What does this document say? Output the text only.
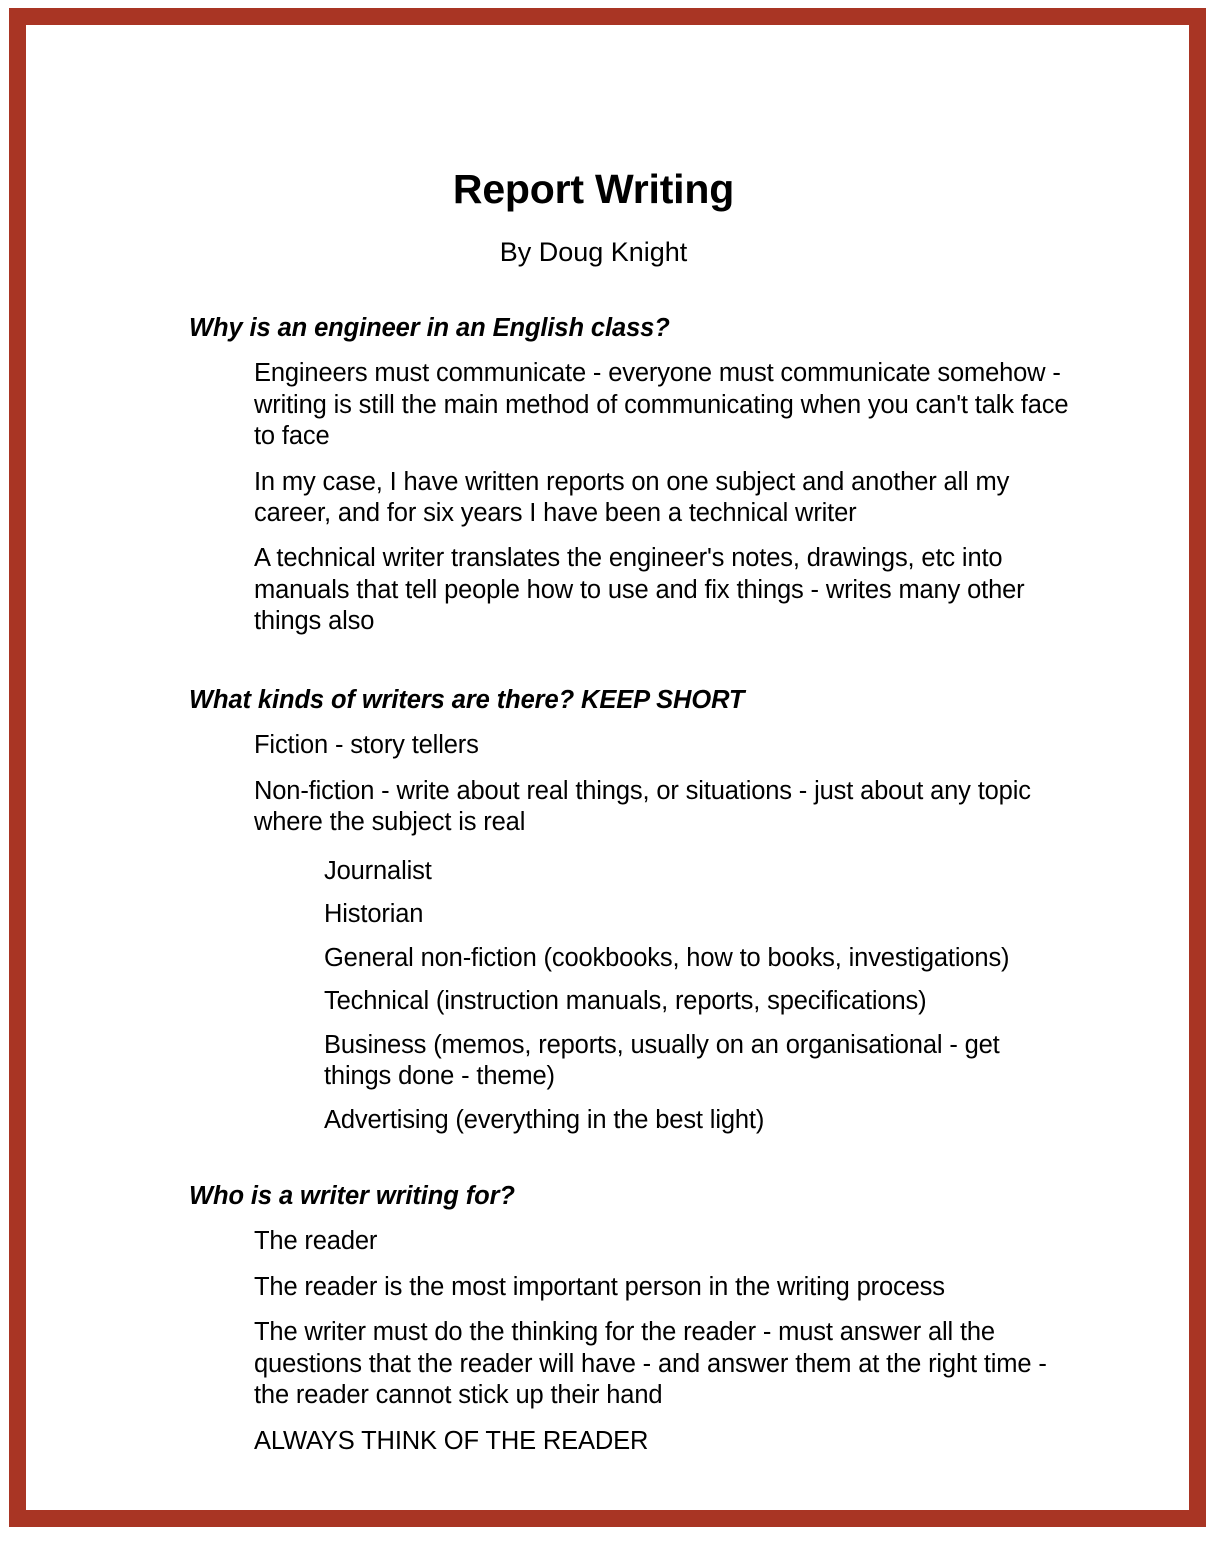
Report Writing

By Doug Knight

Why is an engineer in an English class?

Engineers must communicate - everyone must communicate somehow - writing is still the main method of communicating when you can't talk face to face

In my case, I have written reports on one subject and another all my career, and for six years I have been a technical writer

A technical writer translates the engineer's notes, drawings, etc into manuals that tell people how to use and fix things - writes many other things also

What kinds of writers are there? KEEP SHORT

Fiction - story tellers

Non-fiction - write about real things, or situations - just about any topic where the subject is real

Journalist

Historian

General non-fiction (cookbooks, how to books, investigations)

Technical (instruction manuals, reports, specifications)

Business (memos, reports, usually on an organisational - get things done - theme)

Advertising (everything in the best light)

Who is a writer writing for?

The reader

The reader is the most important person in the writing process

The writer must do the thinking for the reader - must answer all the questions that the reader will have - and answer them at the right time - the reader cannot stick up their hand

ALWAYS THINK OF THE READER
